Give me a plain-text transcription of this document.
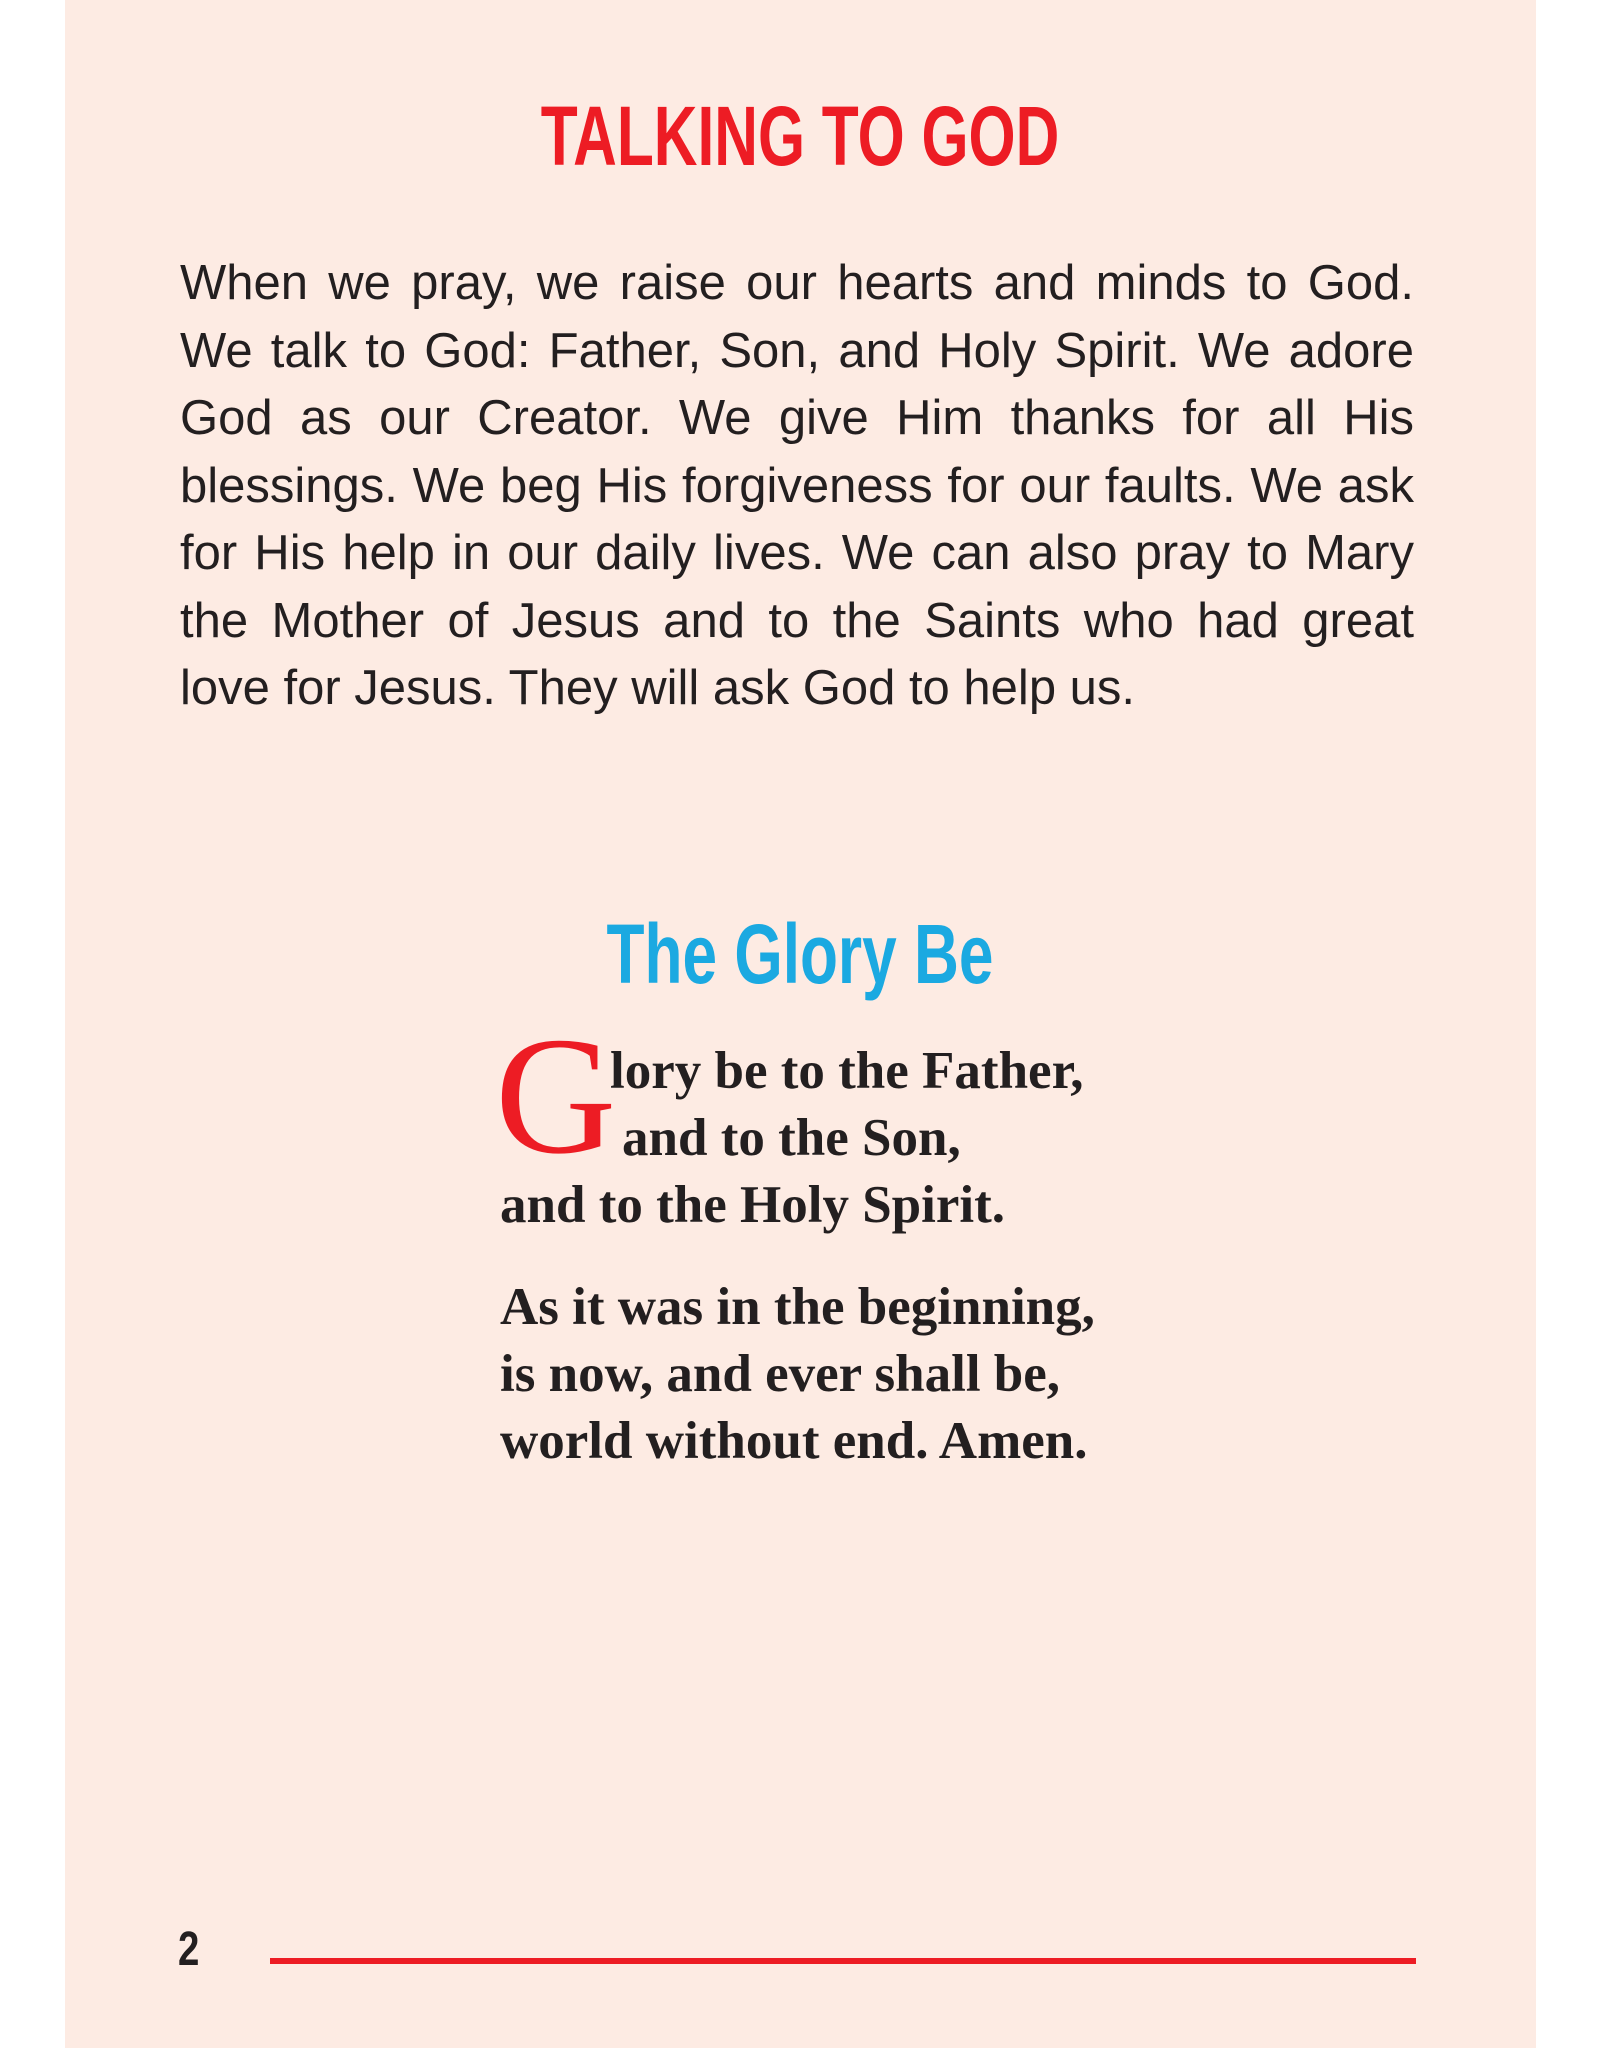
TALKING TO GOD
When we pray, we raise our hearts and minds to God. We talk to God: Father, Son, and Holy Spirit. We adore God as our Creator. We give Him thanks for all His blessings. We beg His forgiveness for our faults. We ask for His help in our daily lives. We can also pray to Mary the Mother of Jesus and to the Saints who had great love for Jesus. They will ask God to help us.
The Glory Be
G
lory be to the Father,
and to the Son,
and to the Holy Spirit.
As it was in the beginning,
is now, and ever shall be,
world without end. Amen.
2
